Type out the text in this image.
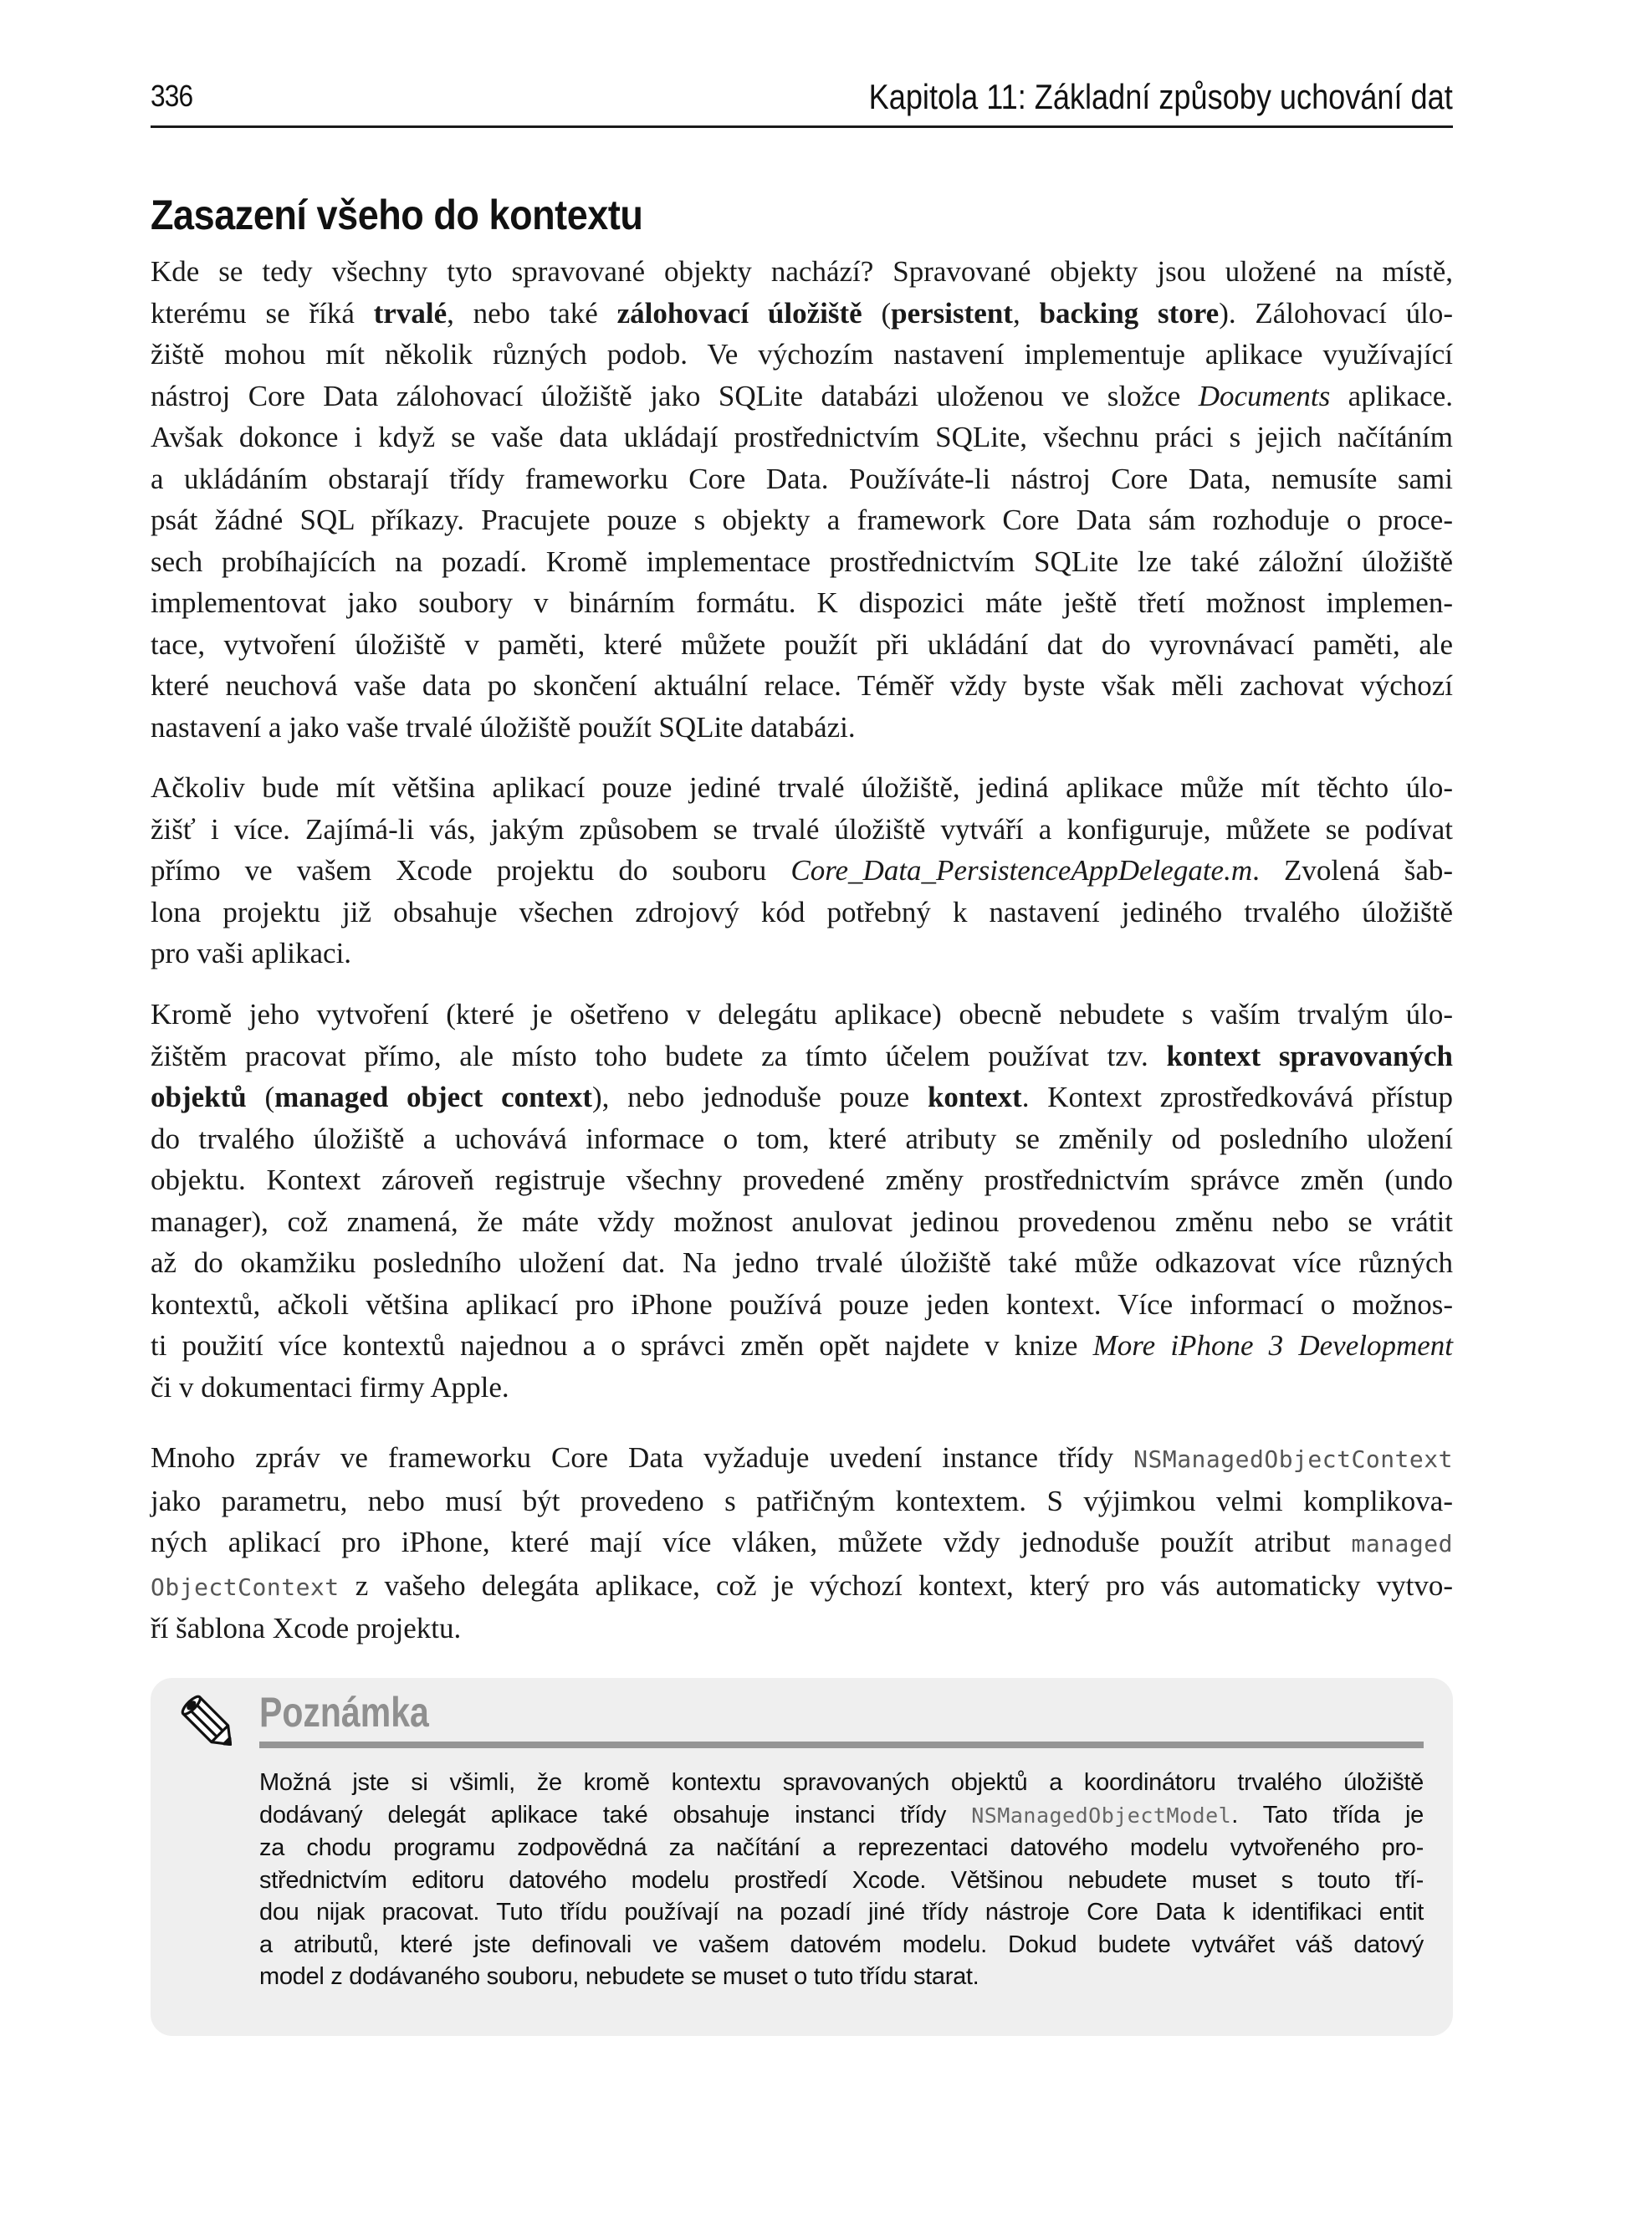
336	Kapitola 11: Základní způsoby uchování dat
Zasazení všeho do kontextu
Kde se tedy všechny tyto spravované objekty nachází? Spravované objekty jsou uložené na místě,
kterému se říká trvalé, nebo také zálohovací úložiště (persistent, backing store). Zálohovací úlo-
žiště mohou mít několik různých podob. Ve výchozím nastavení implementuje aplikace využívající
nástroj Core Data zálohovací úložiště jako SQLite databázi uloženou ve složce Documents aplikace.
Avšak dokonce i když se vaše data ukládají prostřednictvím SQLite, všechnu práci s jejich načítáním
a ukládáním obstarají třídy frameworku Core Data. Používáte-li nástroj Core Data, nemusíte sami
psát žádné SQL příkazy. Pracujete pouze s objekty a framework Core Data sám rozhoduje o proce-
sech probíhajících na pozadí. Kromě implementace prostřednictvím SQLite lze také záložní úložiště
implementovat jako soubory v binárním formátu. K dispozici máte ještě třetí možnost implemen-
tace, vytvoření úložiště v paměti, které můžete použít při ukládání dat do vyrovnávací paměti, ale
které neuchová vaše data po skončení aktuální relace. Téměř vždy byste však měli zachovat výchozí
nastavení a jako vaše trvalé úložiště použít SQLite databázi.
Ačkoliv bude mít většina aplikací pouze jediné trvalé úložiště, jediná aplikace může mít těchto úlo-
žišť i více. Zajímá-li vás, jakým způsobem se trvalé úložiště vytváří a konfiguruje, můžete se podívat
přímo ve vašem Xcode projektu do souboru Core_Data_PersistenceAppDelegate.m. Zvolená šab-
lona projektu již obsahuje všechen zdrojový kód potřebný k nastavení jediného trvalého úložiště
pro vaši aplikaci.
Kromě jeho vytvoření (které je ošetřeno v delegátu aplikace) obecně nebudete s vaším trvalým úlo-
žištěm pracovat přímo, ale místo toho budete za tímto účelem používat tzv. kontext spravovaných
objektů (managed object context), nebo jednoduše pouze kontext. Kontext zprostředkovává přístup
do trvalého úložiště a uchovává informace o tom, které atributy se změnily od posledního uložení
objektu. Kontext zároveň registruje všechny provedené změny prostřednictvím správce změn (undo
manager), což znamená, že máte vždy možnost anulovat jedinou provedenou změnu nebo se vrátit
až do okamžiku posledního uložení dat. Na jedno trvalé úložiště také může odkazovat více různých
kontextů, ačkoli většina aplikací pro iPhone používá pouze jeden kontext. Více informací o možnos-
ti použití více kontextů najednou a o správci změn opět najdete v knize More iPhone 3 Development
či v dokumentaci firmy Apple.
Mnoho zpráv ve frameworku Core Data vyžaduje uvedení instance třídy NSManagedObjectContext
jako parametru, nebo musí být provedeno s patřičným kontextem. S výjimkou velmi komplikova-
ných aplikací pro iPhone, které mají více vláken, můžete vždy jednoduše použít atribut managed
ObjectContext z vašeho delegáta aplikace, což je výchozí kontext, který pro vás automaticky vytvo-
ří šablona Xcode projektu.
Poznámka
Možná jste si všimli, že kromě kontextu spravovaných objektů a koordinátoru trvalého úložiště
dodávaný delegát aplikace také obsahuje instanci třídy NSManagedObjectModel. Tato třída je
za chodu programu zodpovědná za načítání a reprezentaci datového modelu vytvořeného pro-
střednictvím editoru datového modelu prostředí Xcode. Většinou nebudete muset s touto tří-
dou nijak pracovat. Tuto třídu používají na pozadí jiné třídy nástroje Core Data k identifikaci entit
a atributů, které jste definovali ve vašem datovém modelu. Dokud budete vytvářet váš datový
model z dodávaného souboru, nebudete se muset o tuto třídu starat.
